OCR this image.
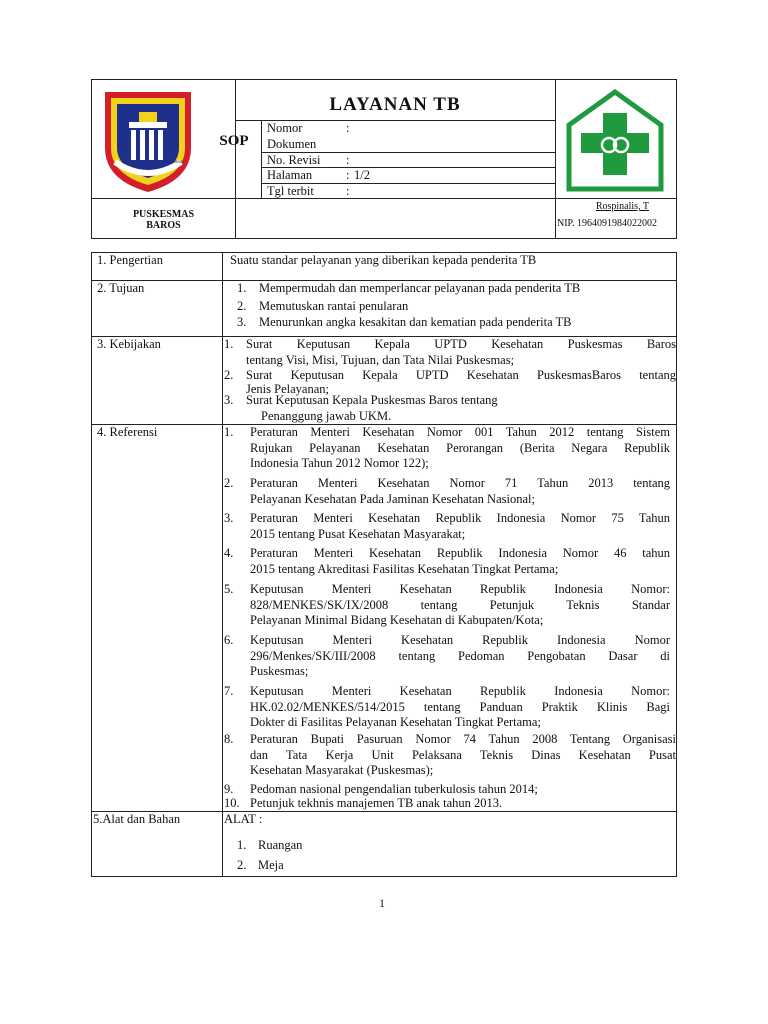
BAROS AMAN UMAN PARAS
PUSKESMAS
BAROS
LAYANAN TB
SOP
Nomor	:
Dokumen
No. Revisi :
Halaman	: 1/2
Tgl terbit	:
Rospinalis, T
NIP. 196409198402200​2
1. Pengertian	Suatu standar pelayanan yang diberikan kepada penderita TB
2. Tujuan	1. Mempermudah dan memperlancar pelayanan pada penderita TB
2. Memutuskan rantai penularan
3. Menurunkan angka kesakitan dan kematian pada penderita TB
3. Kebijakan	1. Surat Keputusan Kepala UPTD Kesehatan Puskesmas Baros
tentang Visi, Misi, Tujuan, dan Tata Nilai Puskesmas;
2. Surat Keputusan Kepala UPTD Kesehatan PuskesmasBaros tentang
Jenis Pelayanan;
3. Surat Keputusan Kepala Puskesmas Baros tentang
Penanggung jawab UKM.
4. Referensi	1. Peraturan Menteri Kesehatan Nomor 001 Tahun 2012 tentang Sistem
Rujukan Pelayanan Kesehatan Perorangan (Berita Negara Republik
Indonesia Tahun 2012 Nomor 122);
2. Peraturan Menteri Kesehatan Nomor 71 Tahun 2013 tentang
Pelayanan Kesehatan Pada Jaminan Kesehatan Nasional;
3. Peraturan Menteri Kesehatan Republik Indonesia Nomor 75 Tahun
2015 tentang Pusat Kesehatan Masyarakat;
4. Peraturan Menteri Kesehatan Republik Indonesia Nomor 46 tahun
2015 tentang Akreditasi Fasilitas Kesehatan Tingkat Pertama;
5. Keputusan Menteri Kesehatan Republik Indonesia Nomor:
828/MENKES/SK/IX/2008 tentang Petunjuk Teknis Standar
Pelayanan Minimal Bidang Kesehatan di Kabupaten/Kota;
6. Keputusan Menteri Kesehatan Republik Indonesia Nomor
296/Menkes/SK/III/2008 tentang Pedoman Pengobatan Dasar di
Puskesmas;
7. Keputusan Menteri Kesehatan Republik Indonesia Nomor:
HK.02.02/MENKES/514/2015 tentang Panduan Praktik Klinis Bagi
Dokter di Fasilitas Pelayanan Kesehatan Tingkat Pertama;
8. Peraturan Bupati Pasuruan Nomor 74 Tahun 2008 Tentang Organisasi
dan Tata Kerja Unit Pelaksana Teknis Dinas Kesehatan Pusat
Kesehatan Masyarakat (Puskesmas);
9. Pedoman nasional pengendalian tuberkulosis tahun 2014;
10. Petunjuk tekhnis manajemen TB anak tahun 2013.
5.Alat dan Bahan	ALAT :
1. Ruangan
2. Meja
1
